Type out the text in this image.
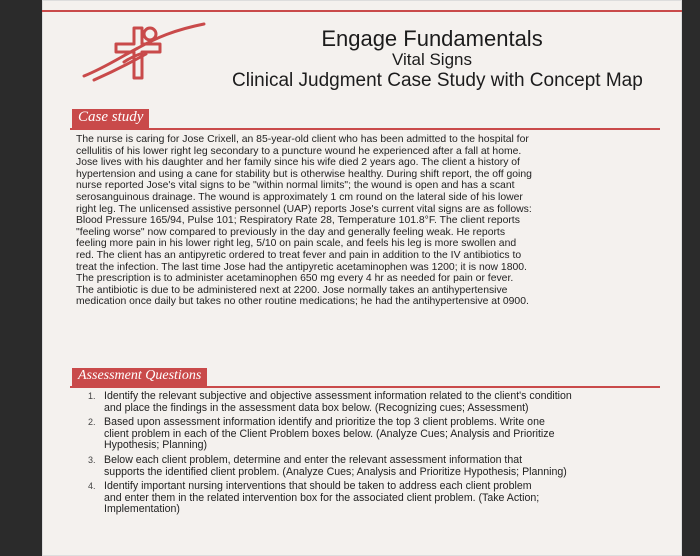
Engage Fundamentals
Vital Signs
Clinical Judgment Case Study with Concept Map
Case study
The nurse is caring for Jose Crixell, an 85-year-old client who has been admitted to the hospital for
cellulitis of his lower right leg secondary to a puncture wound he experienced after a fall at home.
Jose lives with his daughter and her family since his wife died 2 years ago. The client a history of
hypertension and using a cane for stability but is otherwise healthy. During shift report, the off going
nurse reported Jose's vital signs to be "within normal limits"; the wound is open and has a scant
serosanguinous drainage. The wound is approximately 1 cm round on the lateral side of his lower
right leg. The unlicensed assistive personnel (UAP) reports Jose's current vital signs are as follows:
Blood Pressure 165/94, Pulse 101; Respiratory Rate 28, Temperature 101.8°F. The client reports
"feeling worse" now compared to previously in the day and generally feeling weak. He reports
feeling more pain in his lower right leg, 5/10 on pain scale, and feels his leg is more swollen and
red. The client has an antipyretic ordered to treat fever and pain in addition to the IV antibiotics to
treat the infection. The last time Jose had the antipyretic acetaminophen was 1200; it is now 1800.
The prescription is to administer acetaminophen 650 mg every 4 hr as needed for pain or fever.
The antibiotic is due to be administered next at 2200. Jose normally takes an antihypertensive
medication once daily but takes no other routine medications; he had the antihypertensive at 0900.
Assessment Questions
1. Identify the relevant subjective and objective assessment information related to the client's condition
and place the findings in the assessment data box below. (Recognizing cues; Assessment)
2. Based upon assessment information identify and prioritize the top 3 client problems. Write one
client problem in each of the Client Problem boxes below. (Analyze Cues; Analysis and Prioritize
Hypothesis; Planning)
3. Below each client problem, determine and enter the relevant assessment information that
supports the identified client problem. (Analyze Cues; Analysis and Prioritize Hypothesis; Planning)
4. Identify important nursing interventions that should be taken to address each client problem
and enter them in the related intervention box for the associated client problem. (Take Action;
Implementation)
